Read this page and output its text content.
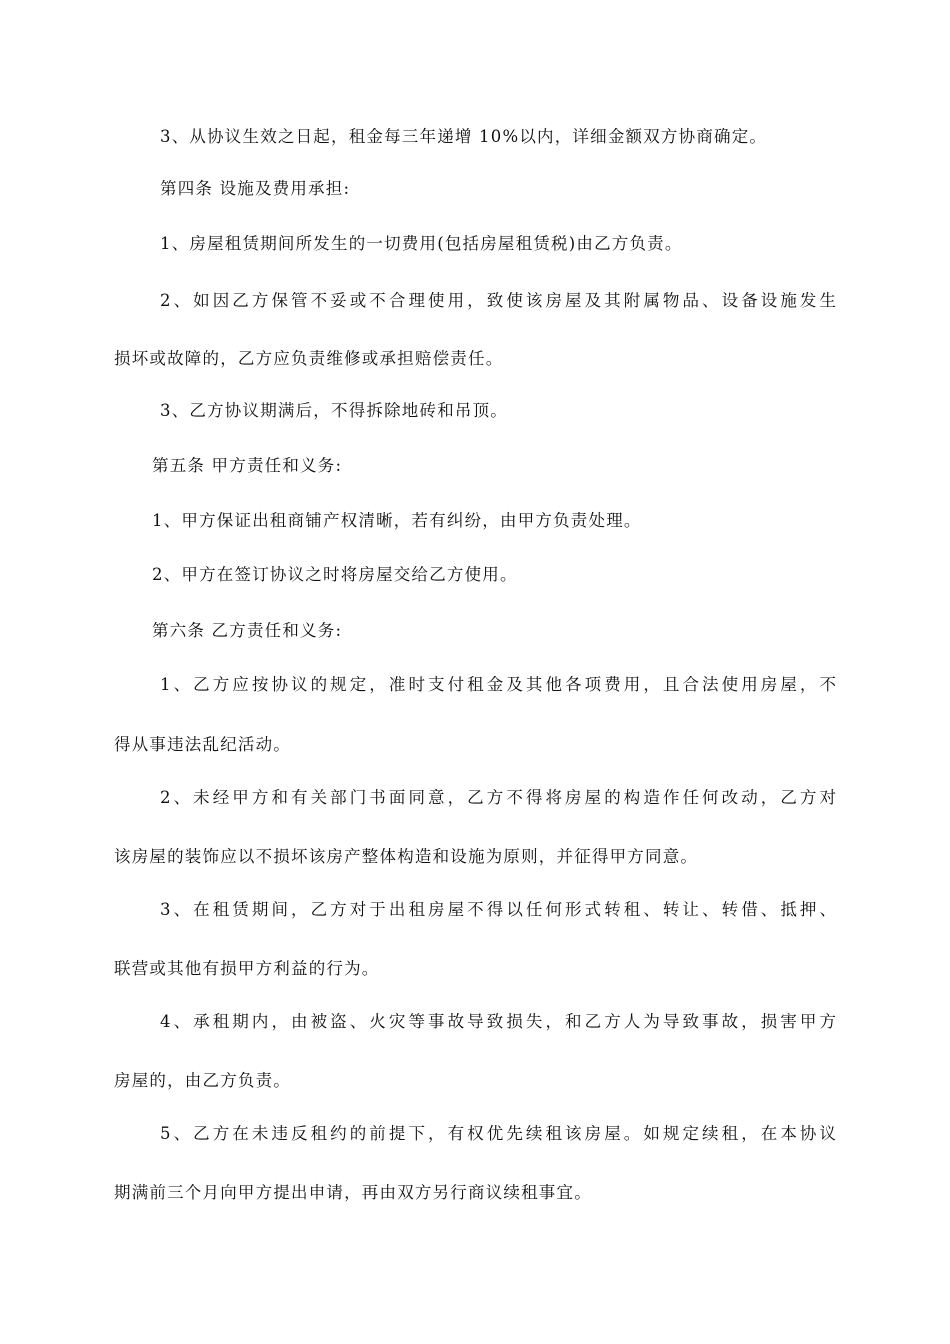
3、从协议生效之日起，租金每三年递增 10%以内，详细金额双方协商确定。
第四条 设施及费用承担:
1、房屋租赁期间所发生的一切费用(包括房屋租赁税)由乙方负责。
2、如因乙方保管不妥或不合理使用，致使该房屋及其附属物品、设备设施发生
损坏或故障的，乙方应负责维修或承担赔偿责任。
3、乙方协议期满后，不得拆除地砖和吊顶。
第五条 甲方责任和义务:
1、甲方保证出租商铺产权清晰，若有纠纷，由甲方负责处理。
2、甲方在签订协议之时将房屋交给乙方使用。
第六条 乙方责任和义务:
1、乙方应按协议的规定，准时支付租金及其他各项费用，且合法使用房屋，不
得从事违法乱纪活动。
2、未经甲方和有关部门书面同意，乙方不得将房屋的构造作任何改动，乙方对
该房屋的装饰应以不损坏该房产整体构造和设施为原则，并征得甲方同意。
3、在租赁期间，乙方对于出租房屋不得以任何形式转租、转让、转借、抵押、
联营或其他有损甲方利益的行为。
4、承租期内，由被盗、火灾等事故导致损失，和乙方人为导致事故，损害甲方
房屋的，由乙方负责。
5、乙方在未违反租约的前提下，有权优先续租该房屋。如规定续租，在本协议
期满前三个月向甲方提出申请，再由双方另行商议续租事宜。
